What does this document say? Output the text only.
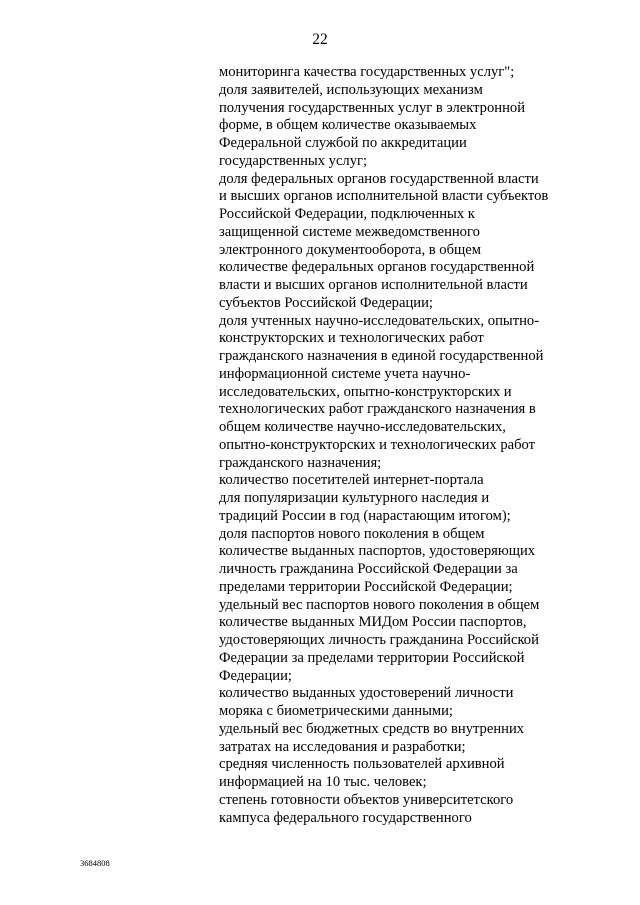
22
мониторинга качества государственных услуг";
доля заявителей, использующих механизм
получения государственных услуг в электронной
форме, в общем количестве оказываемых
Федеральной службой по аккредитации
государственных услуг;
доля федеральных органов государственной власти
и высших органов исполнительной власти субъектов
Российской Федерации, подключенных к
защищенной системе межведомственного
электронного документооборота, в общем
количестве федеральных органов государственной
власти и высших органов исполнительной власти
субъектов Российской Федерации;
доля учтенных научно-исследовательских, опытно-
конструкторских и технологических работ
гражданского назначения в единой государственной
информационной системе учета научно-
исследовательских, опытно-конструкторских и
технологических работ гражданского назначения в
общем количестве научно-исследовательских,
опытно-конструкторских и технологических работ
гражданского назначения;
количество посетителей интернет-портала
для популяризации культурного наследия и
традиций России в год (нарастающим итогом);
доля паспортов нового поколения в общем
количестве выданных паспортов, удостоверяющих
личность гражданина Российской Федерации за
пределами территории Российской Федерации;
удельный вес паспортов нового поколения в общем
количестве выданных МИДом России паспортов,
удостоверяющих личность гражданина Российской
Федерации за пределами территории Российской
Федерации;
количество выданных удостоверений личности
моряка с биометрическими данными;
удельный вес бюджетных средств во внутренних
затратах на исследования и разработки;
средняя численность пользователей архивной
информацией на 10 тыс. человек;
степень готовности объектов университетского
кампуса федерального государственного
3684808
